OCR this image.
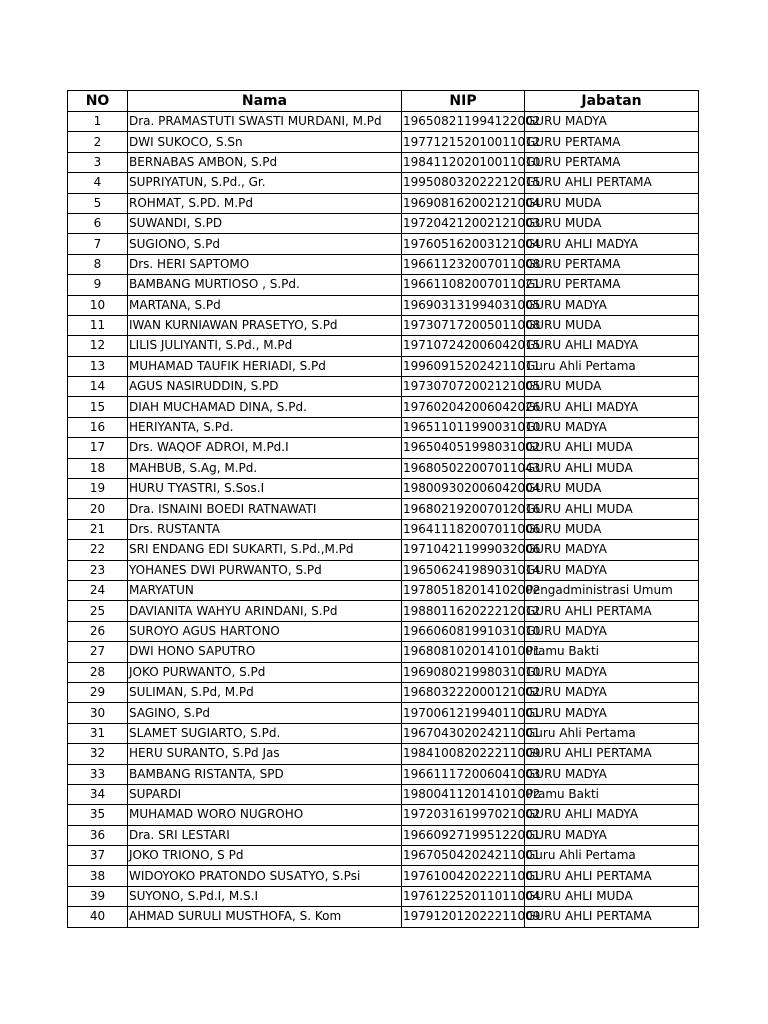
NO	Nama	NIP	Jabatan
1	Dra. PRAMASTUTI SWASTI MURDANI, M.Pd	196508211994122002	GURU MADYA
2	DWI SUKOCO, S.Sn	197712152010011012	GURU PERTAMA
3	BERNABAS AMBON, S.Pd	198411202010011010	GURU PERTAMA
4	SUPRIYATUN, S.Pd., Gr.	199508032022212015	GURU AHLI PERTAMA
5	ROHMAT, S.PD. M.Pd	196908162002121004	GURU MUDA
6	SUWANDI, S.PD	197204212002121003	GURU MUDA
7	SUGIONO, S.Pd	197605162003121004	GURU AHLI MADYA
8	Drs. HERI SAPTOMO	196611232007011008	GURU PERTAMA
9	BAMBANG MURTIOSO , S.Pd.	196611082007011021	GURU PERTAMA
10	MARTANA, S.Pd	196903131994031005	GURU MADYA
11	IWAN KURNIAWAN PRASETYO, S.Pd	197307172005011008	GURU MUDA
12	LILIS JULIYANTI, S.Pd., M.Pd	197107242006042015	GURU AHLI MADYA
13	MUHAMAD TAUFIK HERIADI, S.Pd	199609152024211011	Guru Ahli Pertama
14	AGUS NASIRUDDIN, S.PD	197307072002121005	GURU MUDA
15	DIAH MUCHAMAD DINA, S.Pd.	197602042006042026	GURU AHLI MADYA
16	HERIYANTA, S.Pd.	196511011990031010	GURU MADYA
17	Drs. WAQOF ADROI, M.Pd.I	196504051998031002	GURU AHLI MUDA
18	MAHBUB, S.Ag, M.Pd.	196805022007011043	GURU AHLI MUDA
19	HURU TYASTRI, S.Sos.I	198009302006042004	GURU MUDA
20	Dra. ISNAINI BOEDI RATNAWATI	196802192007012016	GURU AHLI MUDA
21	Drs. RUSTANTA	196411182007011006	GURU MUDA
22	SRI ENDANG EDI SUKARTI, S.Pd.,M.Pd	197104211999032006	GURU MADYA
23	YOHANES DWI PURWANTO, S.Pd	196506241989031014	GURU MADYA
24	MARYATUN	197805182014102002	Pengadministrasi Umum
25	DAVIANITA WAHYU ARINDANI, S.Pd	198801162022212012	GURU AHLI PERTAMA
26	SUROYO AGUS HARTONO	196606081991031010	GURU MADYA
27	DWI HONO SAPUTRO	196808102014101001	Pramu Bakti
28	JOKO PURWANTO, S.Pd	196908021998031010	GURU MADYA
29	SULIMAN, S.Pd, M.Pd	196803222000121002	GURU MADYA
30	SAGINO, S.Pd	197006121994011001	GURU MADYA
31	SLAMET SUGIARTO, S.Pd.	196704302024211001	Guru Ahli Pertama
32	HERU SURANTO, S.Pd Jas	198410082022211009	GURU AHLI PERTAMA
33	BAMBANG RISTANTA, SPD	196611172006041003	GURU MADYA
34	SUPARDI	198004112014101002	Pramu Bakti
35	MUHAMAD WORO NUGROHO	197203161997021002	GURU AHLI MADYA
36	Dra. SRI LESTARI	196609271995122001	GURU MADYA
37	JOKO TRIONO, S Pd	196705042024211001	Guru Ahli Pertama
38	WIDOYOKO PRATONDO SUSATYO, S.Psi	197610042022211001	GURU AHLI PERTAMA
39	SUYONO, S.Pd.I, M.S.I	197612252011011004	GURU AHLI MUDA
40	AHMAD SURULI MUSTHOFA, S. Kom	197912012022211009	GURU AHLI PERTAMA
